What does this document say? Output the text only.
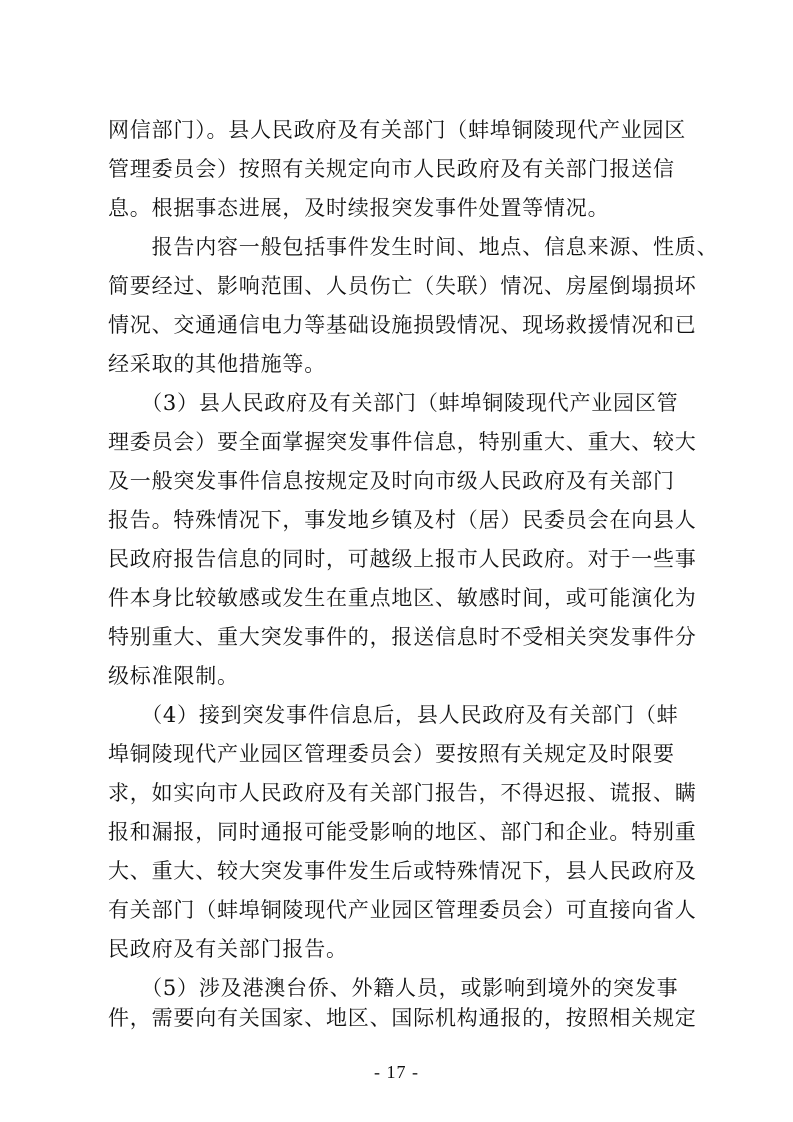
网信部门）。县人民政府及有关部门（蚌埠铜陵现代产业园区
管理委员会）按照有关规定向市人民政府及有关部门报送信
息。根据事态进展，及时续报突发事件处置等情况。
　　报告内容一般包括事件发生时间、地点、信息来源、性质、
简要经过、影响范围、人员伤亡（失联）情况、房屋倒塌损坏
情况、交通通信电力等基础设施损毁情况、现场救援情况和已
经采取的其他措施等。
　　（3）县人民政府及有关部门（蚌埠铜陵现代产业园区管
理委员会）要全面掌握突发事件信息，特别重大、重大、较大
及一般突发事件信息按规定及时向市级人民政府及有关部门
报告。特殊情况下，事发地乡镇及村（居）民委员会在向县人
民政府报告信息的同时，可越级上报市人民政府。对于一些事
件本身比较敏感或发生在重点地区、敏感时间，或可能演化为
特别重大、重大突发事件的，报送信息时不受相关突发事件分
级标准限制。
　　（4）接到突发事件信息后，县人民政府及有关部门（蚌
埠铜陵现代产业园区管理委员会）要按照有关规定及时限要
求，如实向市人民政府及有关部门报告，不得迟报、谎报、瞒
报和漏报，同时通报可能受影响的地区、部门和企业。特别重
大、重大、较大突发事件发生后或特殊情况下，县人民政府及
有关部门（蚌埠铜陵现代产业园区管理委员会）可直接向省人
民政府及有关部门报告。
　　（5）涉及港澳台侨、外籍人员，或影响到境外的突发事
件，需要向有关国家、地区、国际机构通报的，按照相关规定
- 17 -
